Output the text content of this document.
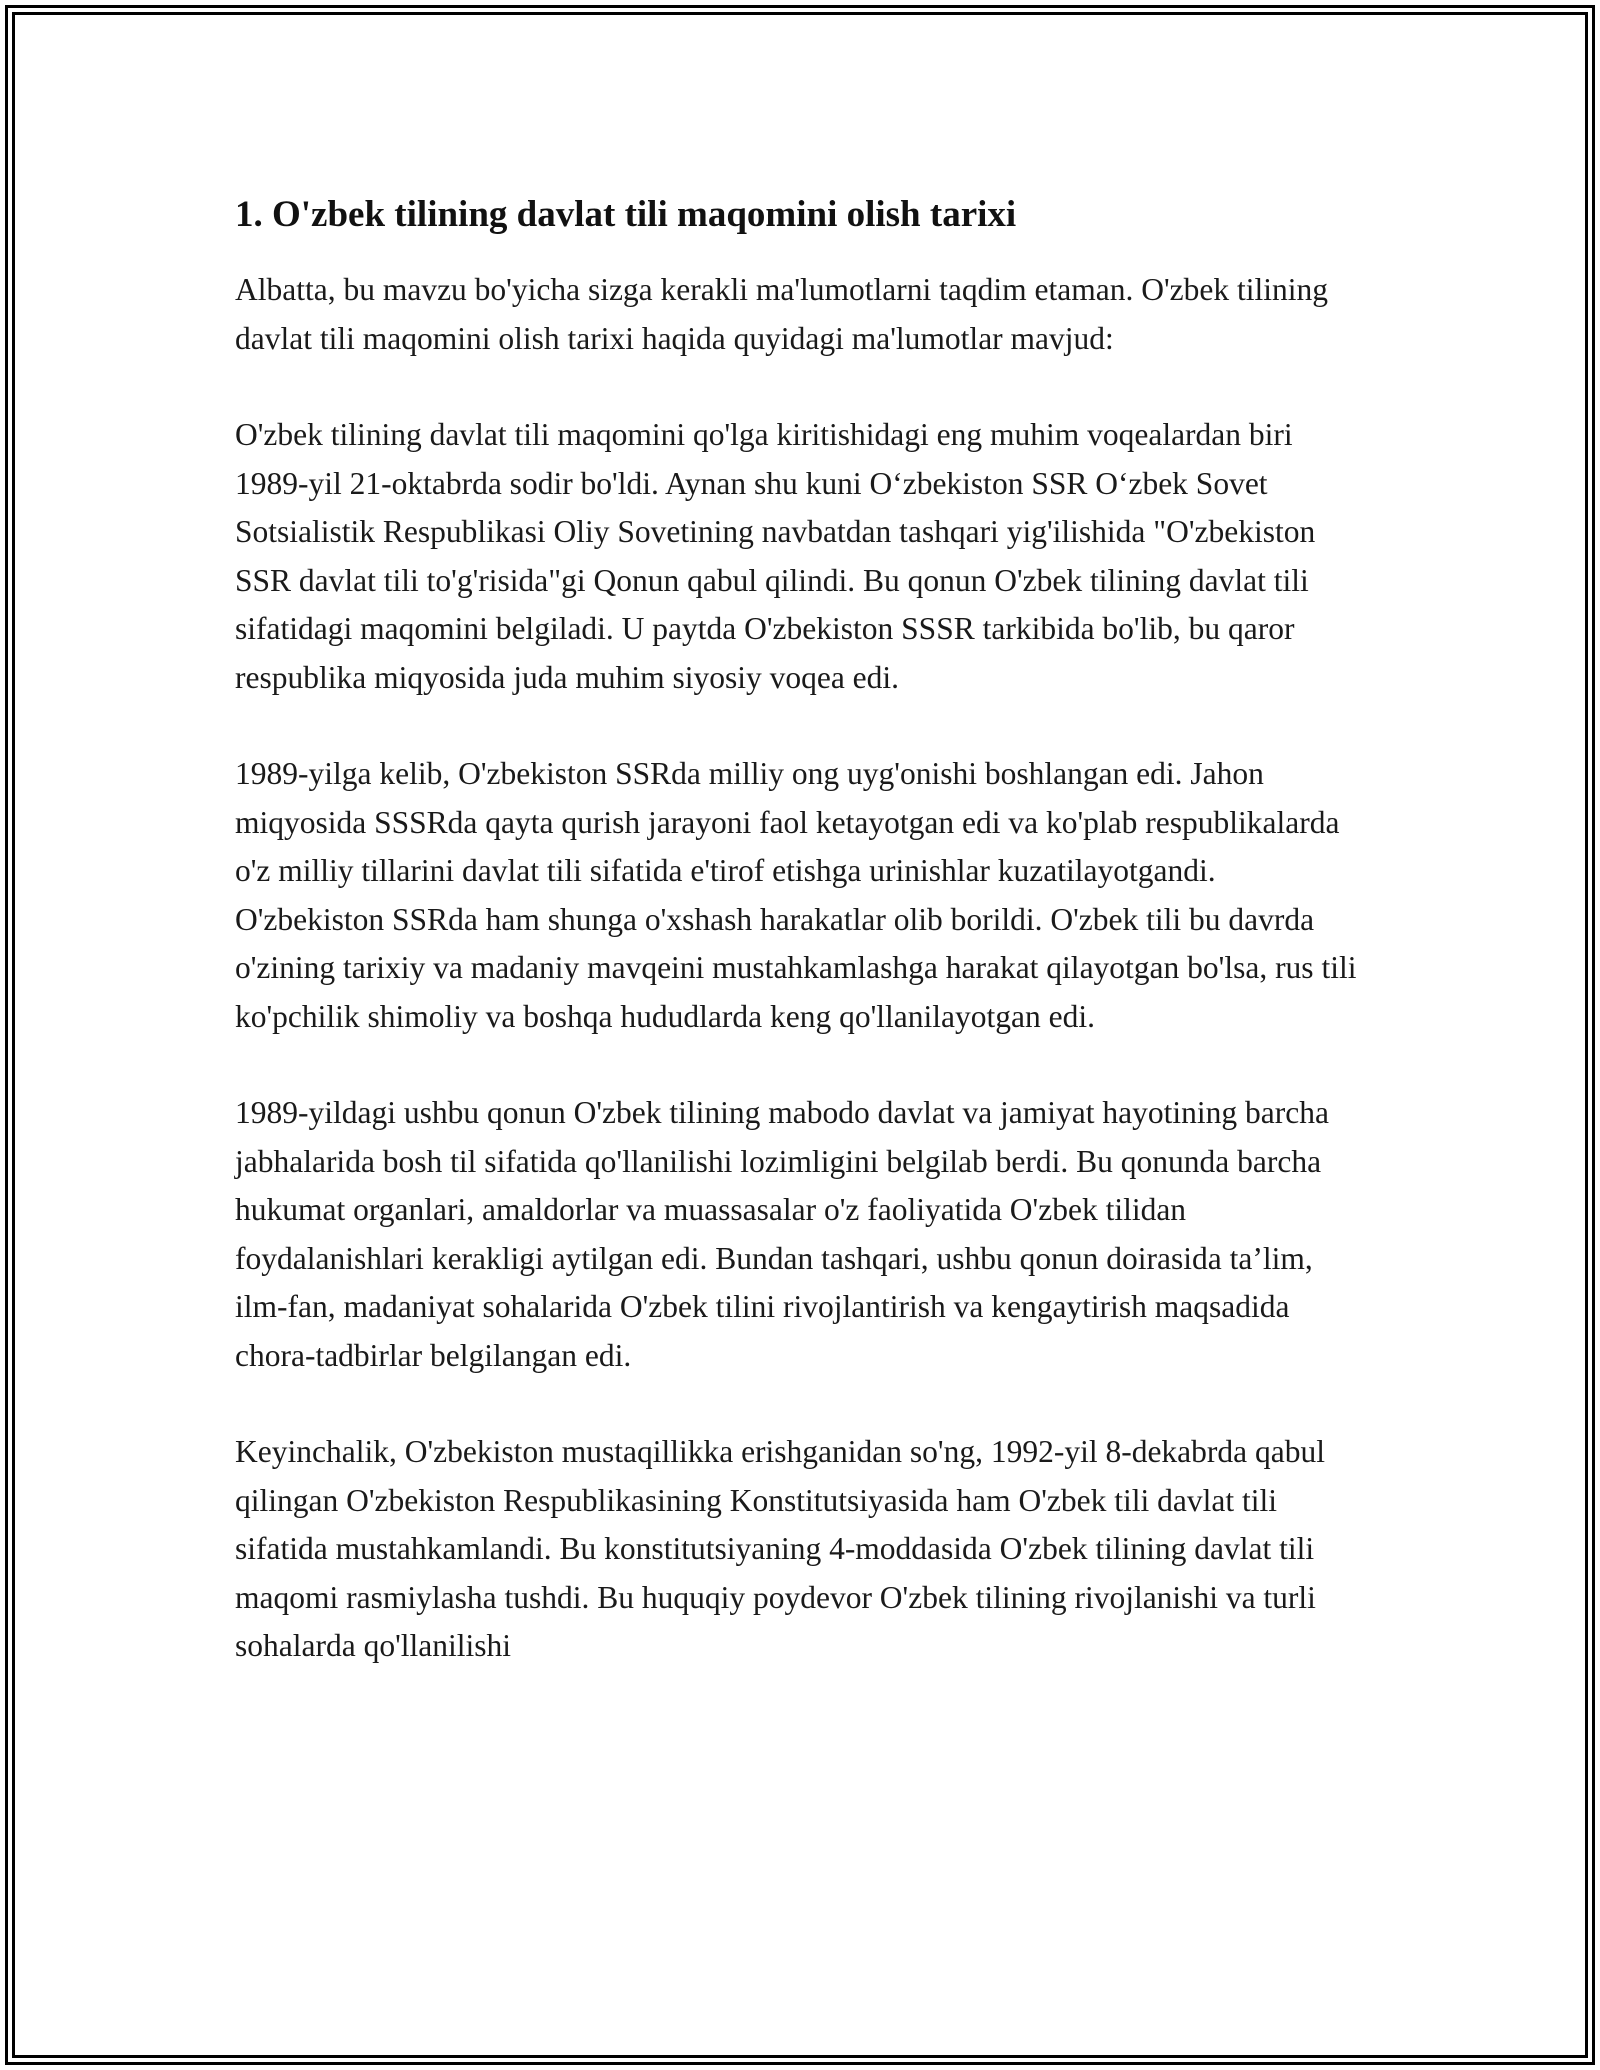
1. O'zbek tilining davlat tili maqomini olish tarixi

Albatta, bu mavzu bo'yicha sizga kerakli ma'lumotlarni taqdim etaman. O'zbek tilining davlat tili maqomini olish tarixi haqida quyidagi ma'lumotlar mavjud:

O'zbek tilining davlat tili maqomini qo'lga kiritishidagi eng muhim voqealardan biri 1989-yil 21-oktabrda sodir bo'ldi. Aynan shu kuni O‘zbekiston SSR O‘zbek Sovet Sotsialistik Respublikasi Oliy Sovetining navbatdan tashqari yig'ilishida "O'zbekiston SSR davlat tili to'g'risida"gi Qonun qabul qilindi. Bu qonun O'zbek tilining davlat tili sifatidagi maqomini belgiladi. U paytda O'zbekiston SSSR tarkibida bo'lib, bu qaror respublika miqyosida juda muhim siyosiy voqea edi.

1989-yilga kelib, O'zbekiston SSRda milliy ong uyg'onishi boshlangan edi. Jahon miqyosida SSSRda qayta qurish jarayoni faol ketayotgan edi va ko'plab respublikalarda o'z milliy tillarini davlat tili sifatida e'tirof etishga urinishlar kuzatilayotgandi. O'zbekiston SSRda ham shunga o'xshash harakatlar olib borildi. O'zbek tili bu davrda o'zining tarixiy va madaniy mavqeini mustahkamlashga harakat qilayotgan bo'lsa, rus tili ko'pchilik shimoliy va boshqa hududlarda keng qo'llanilayotgan edi.

1989-yildagi ushbu qonun O'zbek tilining mabodo davlat va jamiyat hayotining barcha jabhalarida bosh til sifatida qo'llanilishi lozimligini belgilab berdi. Bu qonunda barcha hukumat organlari, amaldorlar va muassasalar o'z faoliyatida O'zbek tilidan foydalanishlari kerakligi aytilgan edi. Bundan tashqari, ushbu qonun doirasida ta’lim, ilm-fan, madaniyat sohalarida O'zbek tilini rivojlantirish va kengaytirish maqsadida chora-tadbirlar belgilangan edi.

Keyinchalik, O'zbekiston mustaqillikka erishganidan so'ng, 1992-yil 8-dekabrda qabul qilingan O'zbekiston Respublikasining Konstitutsiyasida ham O'zbek tili davlat tili sifatida mustahkamlandi. Bu konstitutsiyaning 4-moddasida O'zbek tilining davlat tili maqomi rasmiylasha tushdi. Bu huquqiy poydevor O'zbek tilining rivojlanishi va turli sohalarda qo'llanilishi
